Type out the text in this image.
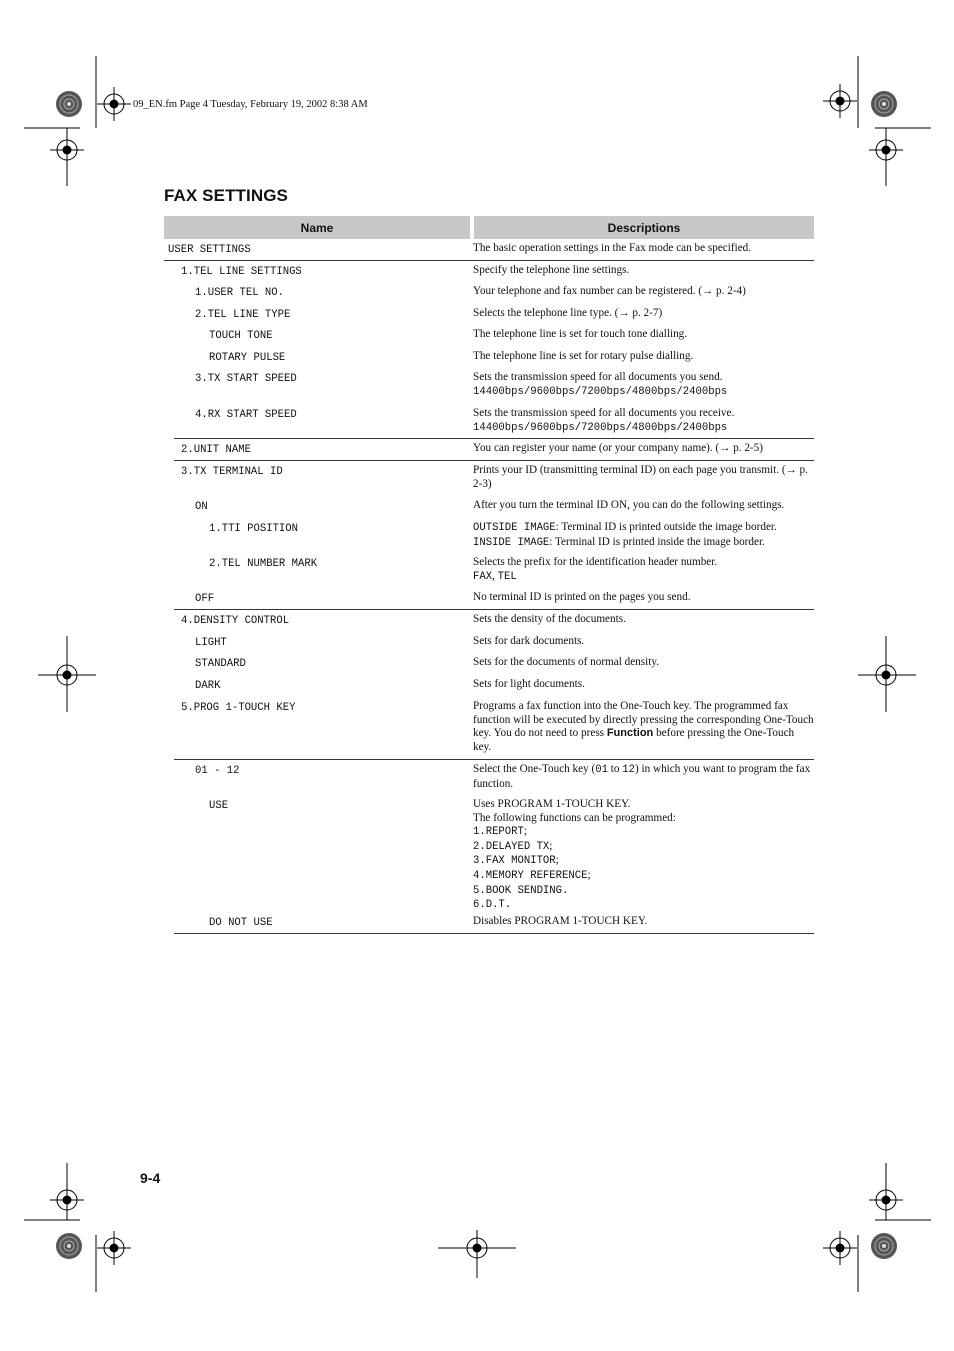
09_EN.fm Page 4 Tuesday, February 19, 2002 8:38 AM
FAX SETTINGS
Name	Descriptions
USER SETTINGS	The basic operation settings in the Fax mode can be specified.
1.TEL LINE SETTINGS	Specify the telephone line settings.
1.USER TEL NO.	Your telephone and fax number can be registered. (→ p. 2-4)
2.TEL LINE TYPE	Selects the telephone line type. (→ p. 2-7)
TOUCH TONE	The telephone line is set for touch tone dialling.
ROTARY PULSE	The telephone line is set for rotary pulse dialling.
3.TX START SPEED	Sets the transmission speed for all documents you send.
14400bps/9600bps/7200bps/4800bps/2400bps
4.RX START SPEED	Sets the transmission speed for all documents you receive.
14400bps/9600bps/7200bps/4800bps/2400bps
2.UNIT NAME	You can register your name (or your company name). (→ p. 2-5)
3.TX TERMINAL ID	Prints your ID (transmitting terminal ID) on each page you transmit. (→ p. 2-3)
ON	After you turn the terminal ID ON, you can do the following settings.
1.TTI POSITION	OUTSIDE IMAGE: Terminal ID is printed outside the image border.
INSIDE IMAGE: Terminal ID is printed inside the image border.
2.TEL NUMBER MARK	Selects the prefix for the identification header number.
FAX, TEL
OFF	No terminal ID is printed on the pages you send.
4.DENSITY CONTROL	Sets the density of the documents.
LIGHT	Sets for dark documents.
STANDARD	Sets for the documents of normal density.
DARK	Sets for light documents.
5.PROG 1-TOUCH KEY	Programs a fax function into the One-Touch key. The programmed fax function will be executed by directly pressing the corresponding One-Touch key. You do not need to press Function before pressing the One-Touch key.
01 - 12	Select the One-Touch key (01 to 12) in which you want to program the fax function.
USE	Uses PROGRAM 1-TOUCH KEY.
The following functions can be programmed:
1.REPORT;
2.DELAYED TX;
3.FAX MONITOR;
4.MEMORY REFERENCE;
5.BOOK SENDING.
6.D.T.
DO NOT USE	Disables PROGRAM 1-TOUCH KEY.
9-4
